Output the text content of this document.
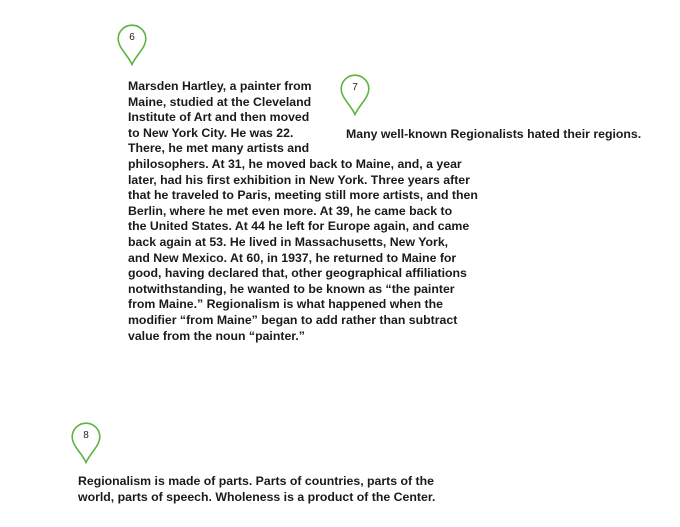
6
7
8

Marsden Hartley, a painter from
Maine, studied at the Cleveland
Institute of Art and then moved
to New York City. He was 22.
There, he met many artists and
philosophers. At 31, he moved back to Maine, and, a year
later, had his first exhibition in New York. Three years after
that he traveled to Paris, meeting still more artists, and then
Berlin, where he met even more. At 39, he came back to
the United States. At 44 he left for Europe again, and came
back again at 53. He lived in Massachusetts, New York,
and New Mexico. At 60, in 1937, he returned to Maine for
good, having declared that, other geographical affiliations
notwithstanding, he wanted to be known as “the painter
from Maine.” Regionalism is what happened when the
modifier “from Maine” began to add rather than subtract
value from the noun “painter.”

Many well-known Regionalists hated their regions.

Regionalism is made of parts. Parts of countries, parts of the
world, parts of speech. Wholeness is a product of the Center.
